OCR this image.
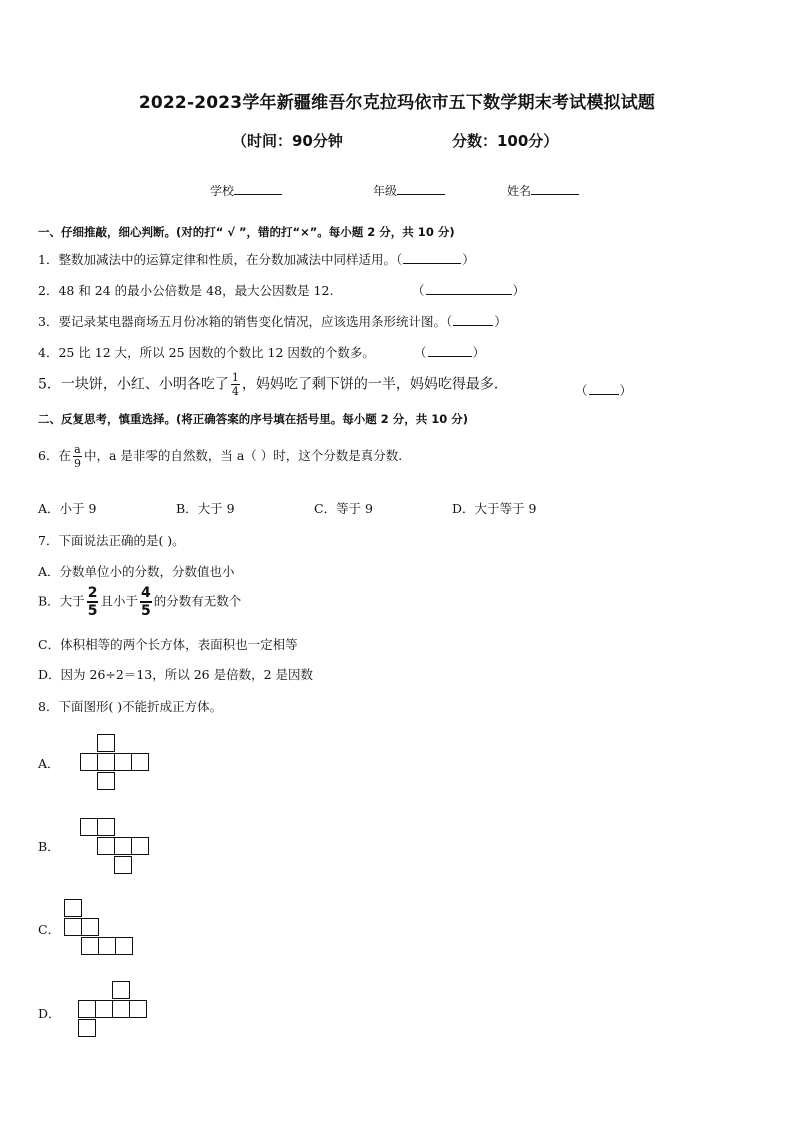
2022-2023学年新疆维吾尔克拉玛依市五下数学期末考试模拟试题
（时间：90分钟	分数：100分）
学校	年级	姓名
一、仔细推敲，细心判断。(对的打“ √ ”，错的打“×”。每小题 2 分，共 10 分)
1．整数加减法中的运算定律和性质，在分数加减法中同样适用。（	）
2．48 和 24 的最小公倍数是 48，最大公因数是 12.	（	）
3．要记录某电器商场五月份冰箱的销售变化情况，应该选用条形统计图。（	）
4．25 比 12 大，所以 25 因数的个数比 12 因数的个数多。	（	）
5．一块饼，小红、小明各吃了 $\frac{1}{4}$ ，妈妈吃了剩下饼的一半，妈妈吃得最多．	（	）
二、反复思考，慎重选择。(将正确答案的序号填在括号里。每小题 2 分，共 10 分)
6．在 $\frac{a}{9}$ 中，a 是非零的自然数，当 a（ ）时，这个分数是真分数.
A．小于 9	B．大于 9	C．等于 9	D．大于等于 9
7．下面说法正确的是( )。
A．分数单位小的分数，分数值也小
B．大于 $\frac{2}{5}$ 且小于 $\frac{4}{5}$ 的分数有无数个
C．体积相等的两个长方体，表面积也一定相等
D．因为 26÷2＝13，所以 26 是倍数，2 是因数
8．下面图形( )不能折成正方体。
A．
B．
C．
D．
